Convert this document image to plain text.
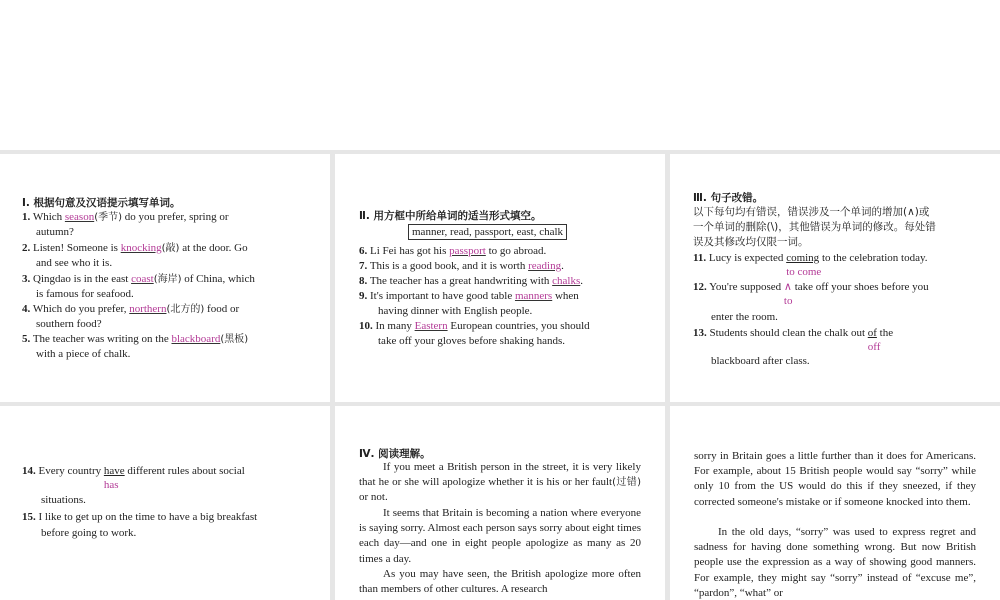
Ⅰ. 根据句意及汉语提示填写单词。
1. Which season(季节) do you prefer, spring or
autumn?
2. Listen! Someone is knocking(敲) at the door. Go
and see who it is.
3. Qingdao is in the east coast(海岸) of China, which
is famous for seafood.
4. Which do you prefer, northern(北方的) food or
southern food?
5. The teacher was writing on the blackboard(黑板)
with a piece of chalk.
Ⅱ. 用方框中所给单词的适当形式填空。
manner, read, passport, east, chalk
6. Li Fei has got his passport to go abroad.
7. This is a good book, and it is worth reading.
8. The teacher has a great handwriting with chalks.
9. It's important to have good table manners when
having dinner with English people.
10. In many Eastern European countries, you should
take off your gloves before shaking hands.
Ⅲ. 句子改错。
以下每句均有错误，错误涉及一个单词的增加(∧)或
一个单词的删除(\)，其他错误为单词的修改。每处错
误及其修改均仅限一词。
11. Lucy is expected coming
to come
to the celebration today.
12. You're supposed ∧
to
take off your shoes before you
enter the room.
13. Students should clean the chalk out of
off
the
blackboard after class.
14. Every country have
has
different rules about social
situations.
15. I like to get up on the time to have a big breakfast
before going to work.
Ⅳ. 阅读理解。
If you meet a British person in the street, it is very likely that he or she will apologize whether it is his or her fault(过错) or not.
It seems that Britain is becoming a nation where everyone is saying sorry. Almost each person says sorry about eight times each day—and one in eight people apologize as many as 20 times a day.
As you may have seen, the British apologize more often than members of other cultures. A research
sorry in Britain goes a little further than it does for Americans. For example, about 15 British people would say “sorry” while only 10 from the US would do this if they sneezed, if they corrected someone's mistake or if someone knocked into them.
In the old days, “sorry” was used to express regret and sadness for having done something wrong. But now British people use the expression as a way of showing good manners. For example, they might say “sorry” instead of “excuse me”, “pardon”, “what” or
